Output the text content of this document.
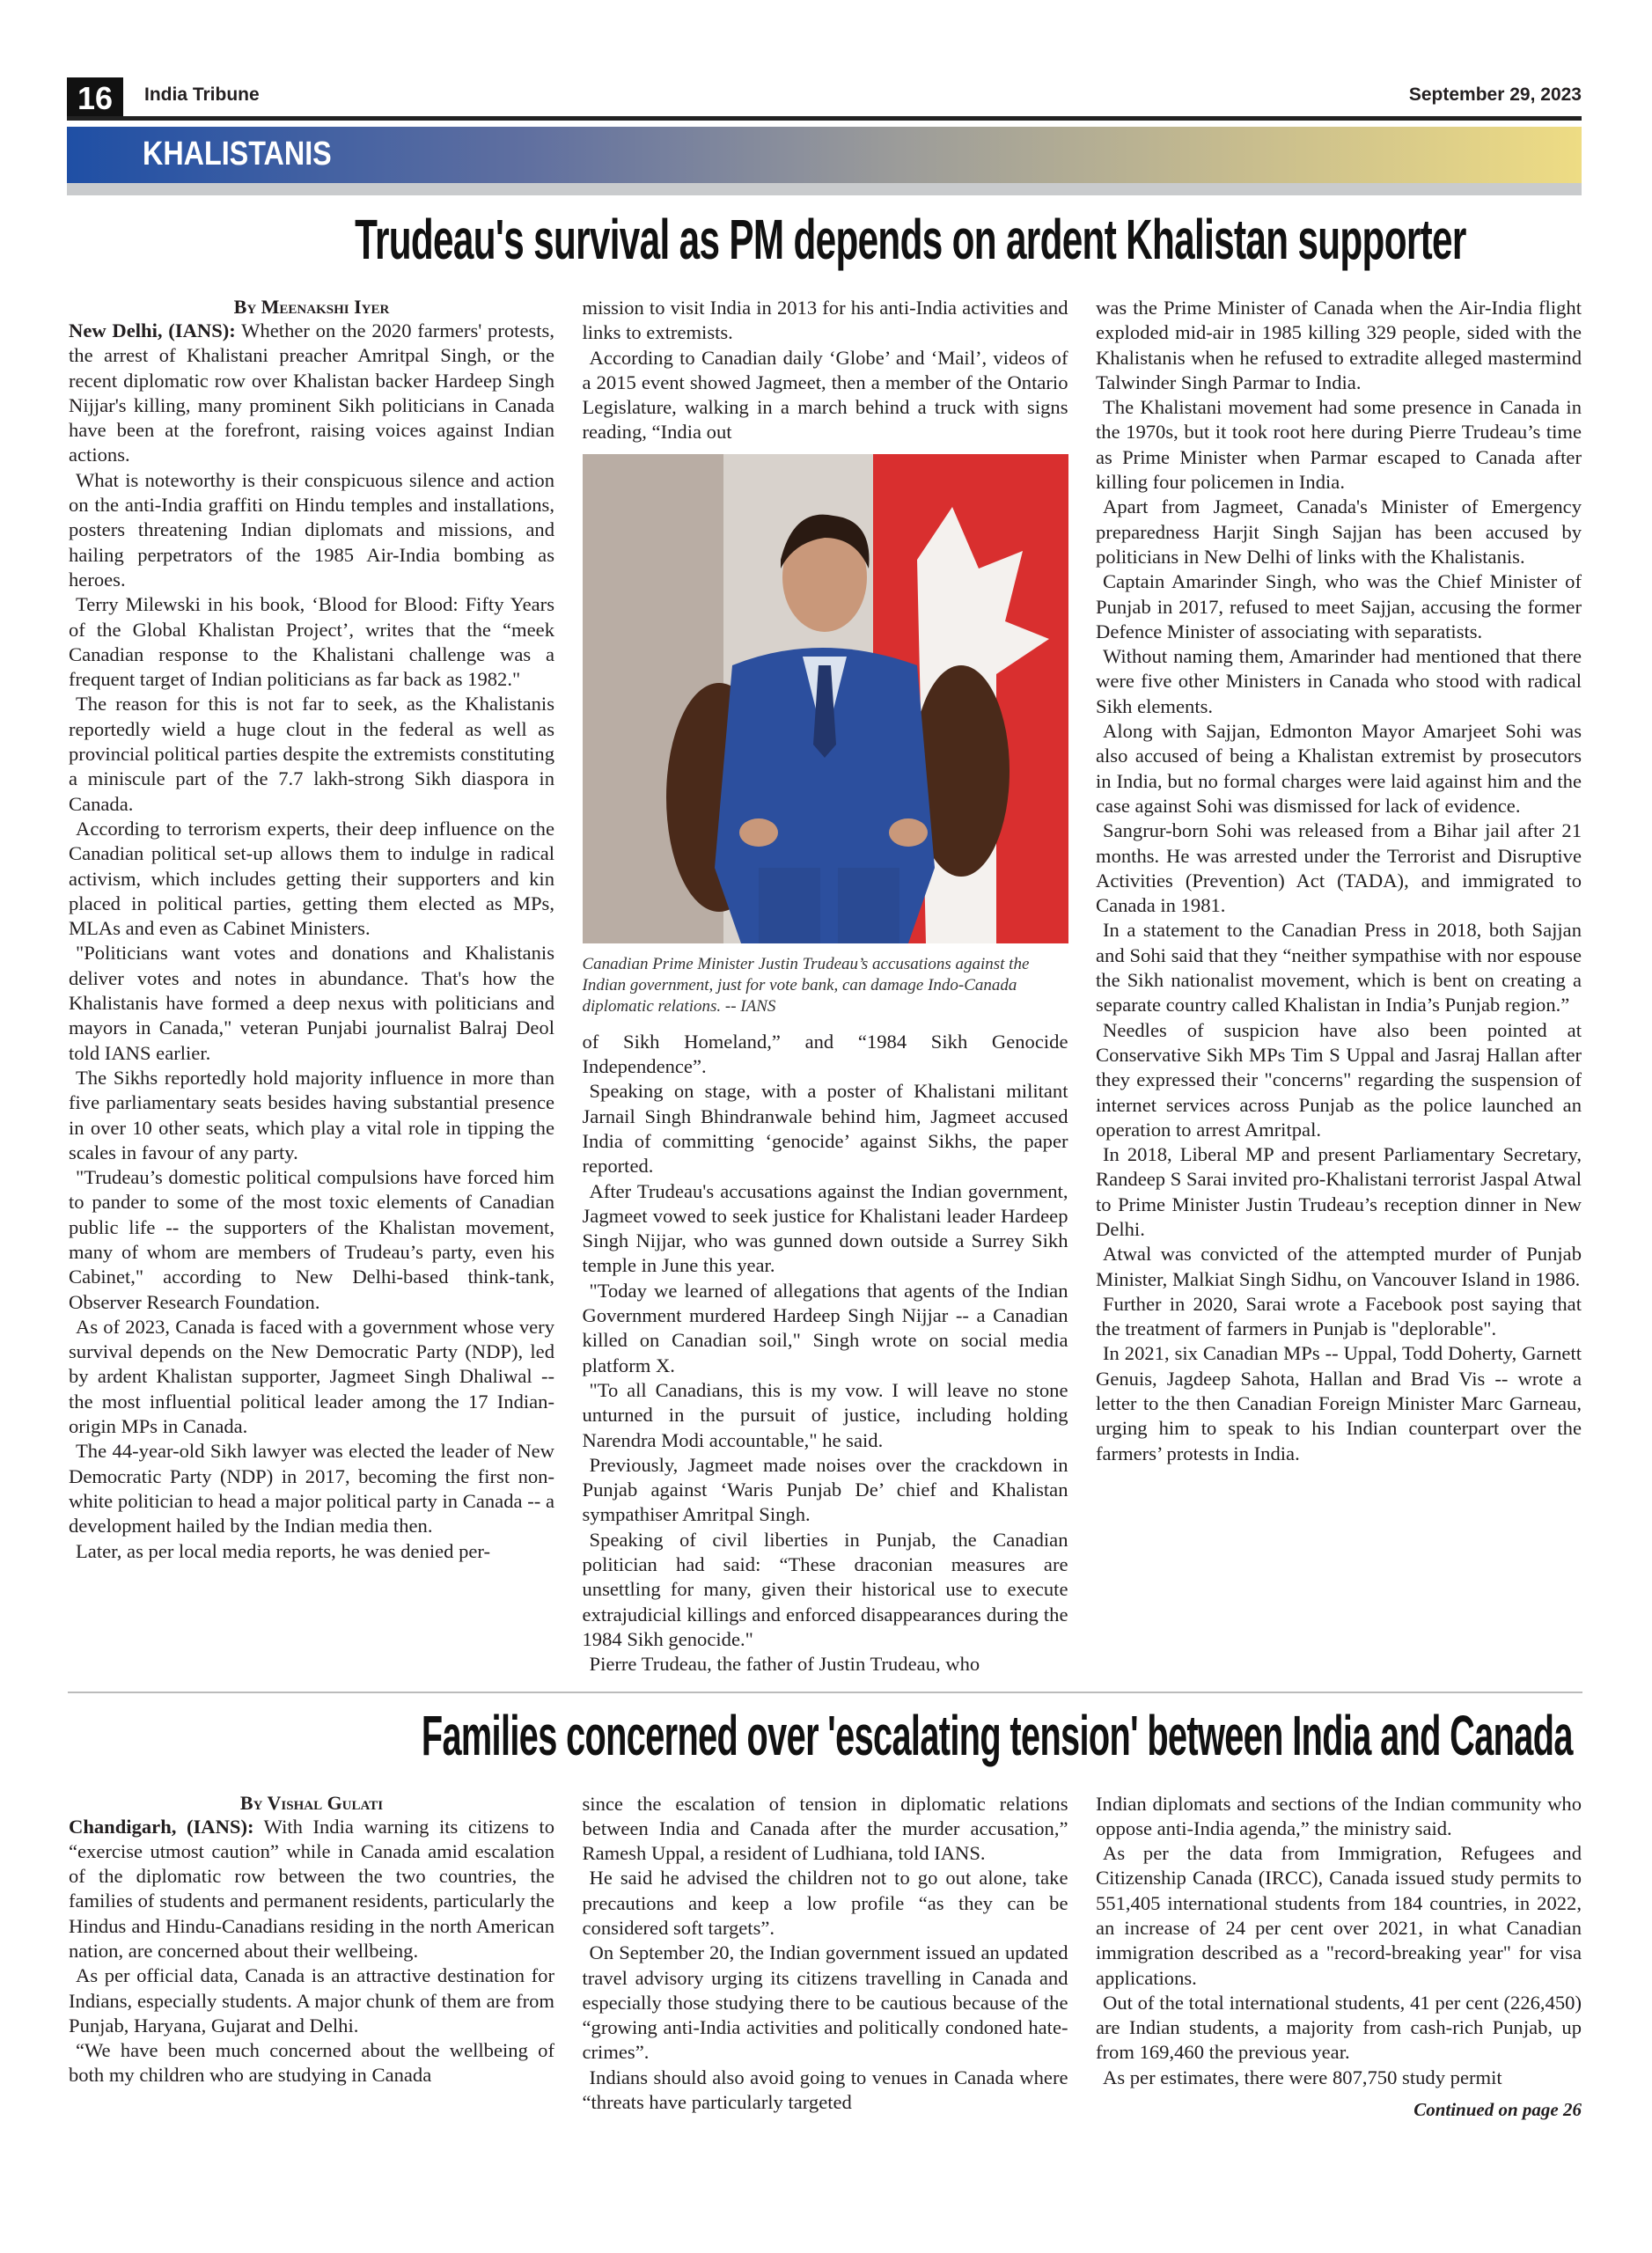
16	India Tribune	September 29, 2023
KHALISTANIS
Trudeau's survival as PM depends on ardent Khalistan supporter
By Meenakshi Iyer

New Delhi, (IANS): Whether on the 2020 farmers' protests, the arrest of Khalistani preacher Amritpal Singh, or the recent diplomatic row over Khalistan backer Hardeep Singh Nijjar's killing, many prominent Sikh politicians in Canada have been at the forefront, raising voices against Indian actions.

What is noteworthy is their conspicuous silence and action on the anti-India graffiti on Hindu temples and installations, posters threatening Indian diplomats and missions, and hailing perpetrators of the 1985 Air-India bombing as heroes.

Terry Milewski in his book, ‘Blood for Blood: Fifty Years of the Global Khalistan Project’, writes that the “meek Canadian response to the Khalistani challenge was a frequent target of Indian politicians as far back as 1982."

The reason for this is not far to seek, as the Khalistanis reportedly wield a huge clout in the federal as well as provincial political parties despite the extremists constituting a miniscule part of the 7.7 lakh-strong Sikh diaspora in Canada.

According to terrorism experts, their deep influence on the Canadian political set-up allows them to indulge in radical activism, which includes getting their supporters and kin placed in political parties, getting them elected as MPs, MLAs and even as Cabinet Ministers.

"Politicians want votes and donations and Khalistanis deliver votes and notes in abundance. That's how the Khalistanis have formed a deep nexus with politicians and mayors in Canada," veteran Punjabi journalist Balraj Deol told IANS earlier.

The Sikhs reportedly hold majority influence in more than five parliamentary seats besides having substantial presence in over 10 other seats, which play a vital role in tipping the scales in favour of any party.

"Trudeau’s domestic political compulsions have forced him to pander to some of the most toxic elements of Canadian public life -- the supporters of the Khalistan movement, many of whom are members of Trudeau’s party, even his Cabinet," according to New Delhi-based think-tank, Observer Research Foundation.

As of 2023, Canada is faced with a government whose very survival depends on the New Democratic Party (NDP), led by ardent Khalistan supporter, Jagmeet Singh Dhaliwal -- the most influential political leader among the 17 Indian-origin MPs in Canada.

The 44-year-old Sikh lawyer was elected the leader of New Democratic Party (NDP) in 2017, becoming the first non-white politician to head a major political party in Canada -- a development hailed by the Indian media then.

Later, as per local media reports, he was denied per-

mission to visit India in 2013 for his anti-India activities and links to extremists.

According to Canadian daily ‘Globe’ and ‘Mail’, videos of a 2015 event showed Jagmeet, then a member of the Ontario Legislature, walking in a march behind a truck with signs reading, “India out

Canadian Prime Minister Justin Trudeau’s accusations against the Indian government, just for vote bank, can damage Indo-Canada diplomatic relations. -- IANS

of Sikh Homeland,” and “1984 Sikh Genocide Independence”.

Speaking on stage, with a poster of Khalistani militant Jarnail Singh Bhindranwale behind him, Jagmeet accused India of committing ‘genocide’ against Sikhs, the paper reported.

After Trudeau's accusations against the Indian government, Jagmeet vowed to seek justice for Khalistani leader Hardeep Singh Nijjar, who was gunned down outside a Surrey Sikh temple in June this year.

"Today we learned of allegations that agents of the Indian Government murdered Hardeep Singh Nijjar -- a Canadian killed on Canadian soil," Singh wrote on social media platform X.

"To all Canadians, this is my vow. I will leave no stone unturned in the pursuit of justice, including holding Narendra Modi accountable," he said.

Previously, Jagmeet made noises over the crackdown in Punjab against ‘Waris Punjab De’ chief and Khalistan sympathiser Amritpal Singh.

Speaking of civil liberties in Punjab, the Canadian politician had said: “These draconian measures are unsettling for many, given their historical use to execute extrajudicial killings and enforced disappearances during the 1984 Sikh genocide."

Pierre Trudeau, the father of Justin Trudeau, who

was the Prime Minister of Canada when the Air-India flight exploded mid-air in 1985 killing 329 people, sided with the Khalistanis when he refused to extradite alleged mastermind Talwinder Singh Parmar to India.

The Khalistani movement had some presence in Canada in the 1970s, but it took root here during Pierre Trudeau’s time as Prime Minister when Parmar escaped to Canada after killing four policemen in India.

Apart from Jagmeet, Canada's Minister of Emergency preparedness Harjit Singh Sajjan has been accused by politicians in New Delhi of links with the Khalistanis.

Captain Amarinder Singh, who was the Chief Minister of Punjab in 2017, refused to meet Sajjan, accusing the former Defence Minister of associating with separatists.

Without naming them, Amarinder had mentioned that there were five other Ministers in Canada who stood with radical Sikh elements.

Along with Sajjan, Edmonton Mayor Amarjeet Sohi was also accused of being a Khalistan extremist by prosecutors in India, but no formal charges were laid against him and the case against Sohi was dismissed for lack of evidence.

Sangrur-born Sohi was released from a Bihar jail after 21 months. He was arrested under the Terrorist and Disruptive Activities (Prevention) Act (TADA), and immigrated to Canada in 1981.

In a statement to the Canadian Press in 2018, both Sajjan and Sohi said that they “neither sympathise with nor espouse the Sikh nationalist movement, which is bent on creating a separate country called Khalistan in India’s Punjab region.”

Needles of suspicion have also been pointed at Conservative Sikh MPs Tim S Uppal and Jasraj Hallan after they expressed their "concerns" regarding the suspension of internet services across Punjab as the police launched an operation to arrest Amritpal.

In 2018, Liberal MP and present Parliamentary Secretary, Randeep S Sarai invited pro-Khalistani terrorist Jaspal Atwal to Prime Minister Justin Trudeau’s reception dinner in New Delhi.

Atwal was convicted of the attempted murder of Punjab Minister, Malkiat Singh Sidhu, on Vancouver Island in 1986.

Further in 2020, Sarai wrote a Facebook post saying that the treatment of farmers in Punjab is "deplorable".

In 2021, six Canadian MPs -- Uppal, Todd Doherty, Garnett Genuis, Jagdeep Sahota, Hallan and Brad Vis -- wrote a letter to the then Canadian Foreign Minister Marc Garneau, urging him to speak to his Indian counterpart over the farmers’ protests in India.

Families concerned over 'escalating tension' between India and Canada
By Vishal Gulati

Chandigarh, (IANS): With India warning its citizens to “exercise utmost caution” while in Canada amid escalation of the diplomatic row between the two countries, the families of students and permanent residents, particularly the Hindus and Hindu-Canadians residing in the north American nation, are concerned about their wellbeing.

As per official data, Canada is an attractive destination for Indians, especially students. A major chunk of them are from Punjab, Haryana, Gujarat and Delhi.

“We have been much concerned about the wellbeing of both my children who are studying in Canada

since the escalation of tension in diplomatic relations between India and Canada after the murder accusation,” Ramesh Uppal, a resident of Ludhiana, told IANS.

He said he advised the children not to go out alone, take precautions and keep a low profile “as they can be considered soft targets”.

On September 20, the Indian government issued an updated travel advisory urging its citizens travelling in Canada and especially those studying there to be cautious because of the “growing anti-India activities and politically condoned hate-crimes”.

Indians should also avoid going to venues in Canada where “threats have particularly targeted

Indian diplomats and sections of the Indian community who oppose anti-India agenda,” the ministry said.

As per the data from Immigration, Refugees and Citizenship Canada (IRCC), Canada issued study permits to 551,405 international students from 184 countries, in 2022, an increase of 24 per cent over 2021, in what Canadian immigration described as a "record-breaking year" for visa applications.

Out of the total international students, 41 per cent (226,450) are Indian students, a majority from cash-rich Punjab, up from 169,460 the previous year.

As per estimates, there were 807,750 study permit

Continued on page 26
